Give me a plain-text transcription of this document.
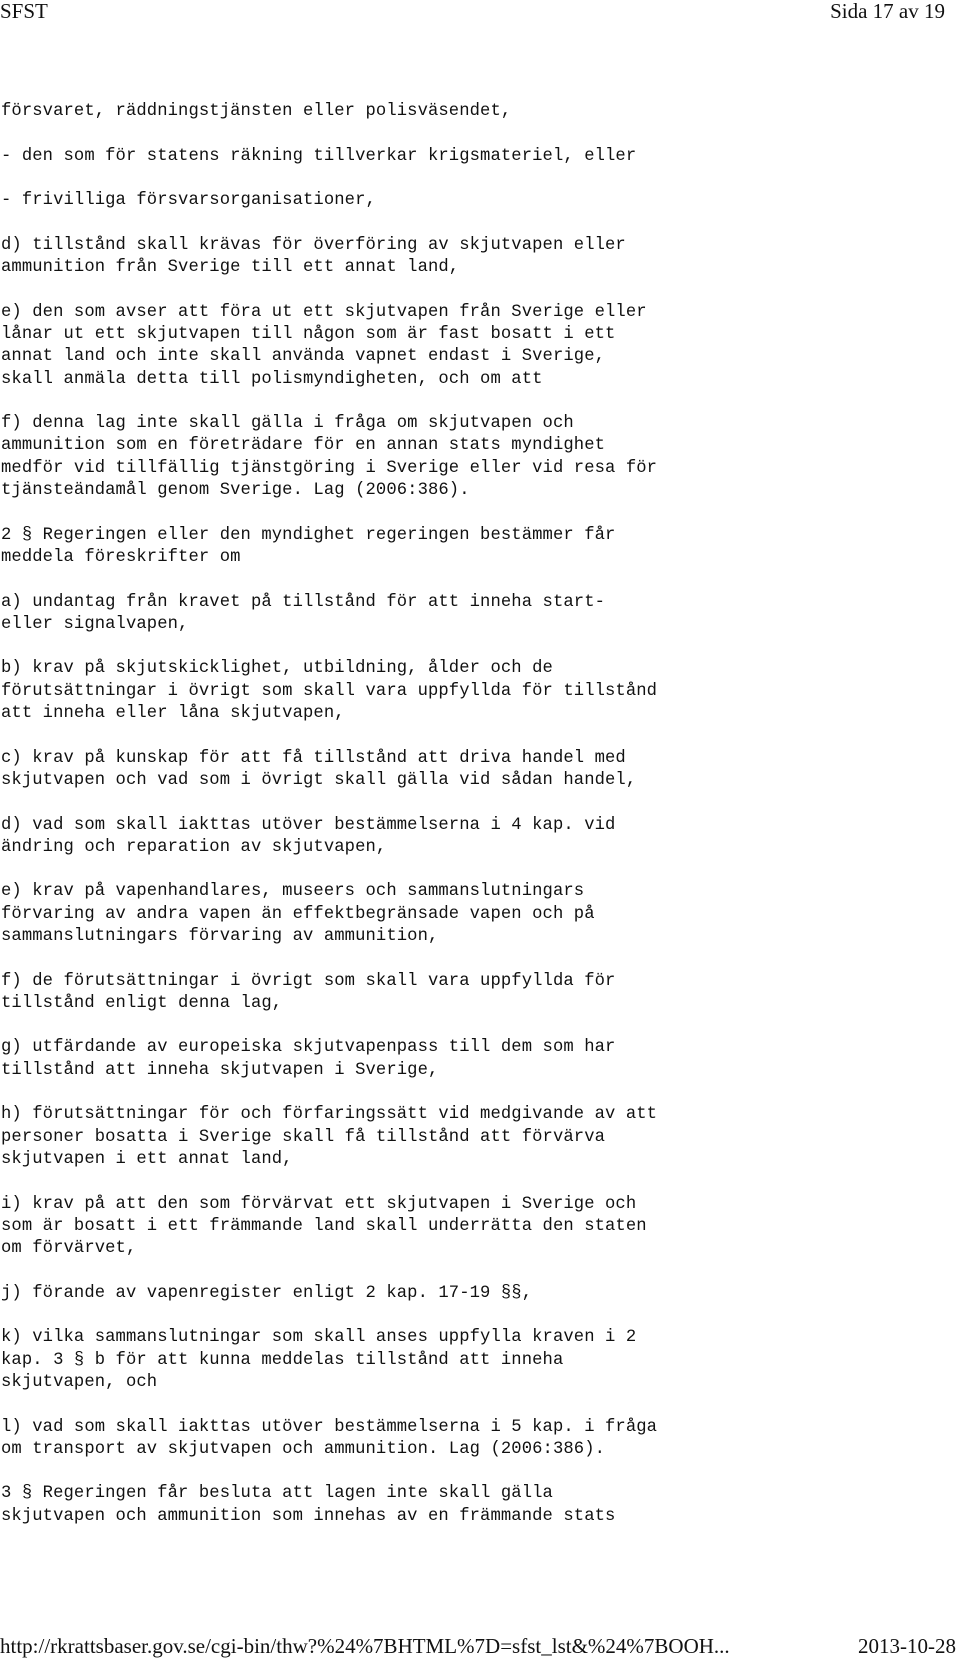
SFST	Sida 17 av 19
försvaret, räddningstjänsten eller polisväsendet,
- den som för statens räkning tillverkar krigsmateriel, eller
- frivilliga försvarsorganisationer,
d) tillstånd skall krävas för överföring av skjutvapen eller
ammunition från Sverige till ett annat land,
e) den som avser att föra ut ett skjutvapen från Sverige eller
lånar ut ett skjutvapen till någon som är fast bosatt i ett
annat land och inte skall använda vapnet endast i Sverige,
skall anmäla detta till polismyndigheten, och om att
f) denna lag inte skall gälla i fråga om skjutvapen och
ammunition som en företrädare för en annan stats myndighet
medför vid tillfällig tjänstgöring i Sverige eller vid resa för
tjänsteändamål genom Sverige. Lag (2006:386).
2 § Regeringen eller den myndighet regeringen bestämmer får
meddela föreskrifter om
a) undantag från kravet på tillstånd för att inneha start-
eller signalvapen,
b) krav på skjutskicklighet, utbildning, ålder och de
förutsättningar i övrigt som skall vara uppfyllda för tillstånd
att inneha eller låna skjutvapen,
c) krav på kunskap för att få tillstånd att driva handel med
skjutvapen och vad som i övrigt skall gälla vid sådan handel,
d) vad som skall iakttas utöver bestämmelserna i 4 kap. vid
ändring och reparation av skjutvapen,
e) krav på vapenhandlares, museers och sammanslutningars
förvaring av andra vapen än effektbegränsade vapen och på
sammanslutningars förvaring av ammunition,
f) de förutsättningar i övrigt som skall vara uppfyllda för
tillstånd enligt denna lag,
g) utfärdande av europeiska skjutvapenpass till dem som har
tillstånd att inneha skjutvapen i Sverige,
h) förutsättningar för och förfaringssätt vid medgivande av att
personer bosatta i Sverige skall få tillstånd att förvärva
skjutvapen i ett annat land,
i) krav på att den som förvärvat ett skjutvapen i Sverige och
som är bosatt i ett främmande land skall underrätta den staten
om förvärvet,
j) förande av vapenregister enligt 2 kap. 17-19 §§,
k) vilka sammanslutningar som skall anses uppfylla kraven i 2
kap. 3 § b för att kunna meddelas tillstånd att inneha
skjutvapen, och
l) vad som skall iakttas utöver bestämmelserna i 5 kap. i fråga
om transport av skjutvapen och ammunition. Lag (2006:386).
3 § Regeringen får besluta att lagen inte skall gälla
skjutvapen och ammunition som innehas av en främmande stats
http://rkrattsbaser.gov.se/cgi-bin/thw?%24%7BHTML%7D=sfst_lst&%24%7BOOH...	2013-10-28
